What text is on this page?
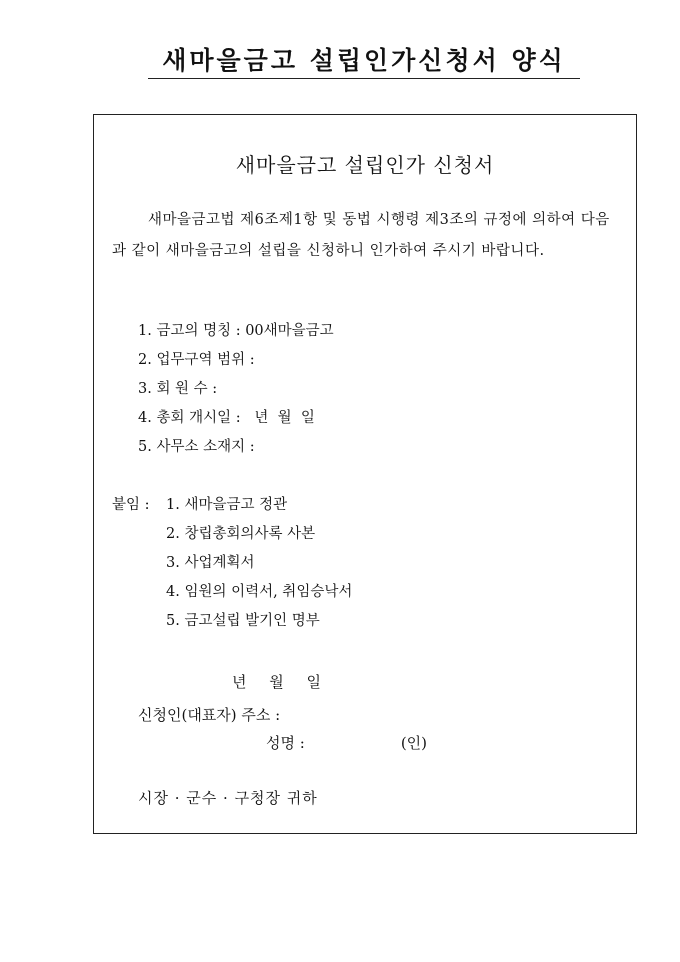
새마을금고 설립인가신청서 양식
새마을금고 설립인가 신청서
새마을금고법 제6조제1항 및 동법 시행령 제3조의 규정에 의하여 다음과 같이 새마을금고의 설립을 신청하니 인가하여 주시기 바랍니다.
1. 금고의 명칭 : 00새마을금고
2. 업무구역 범위 :
3. 회 원 수 :
4. 총회 개시일 :   년  월  일
5. 사무소 소재지 :
붙임 : 1. 새마을금고 정관
2. 창립총회의사록 사본
3. 사업계획서
4. 임원의 이력서, 취임승낙서
5. 금고설립 발기인 명부
년 월 일
신청인(대표자) 주소 :
성명 :	(인)
시장 · 군수 · 구청장 귀하
